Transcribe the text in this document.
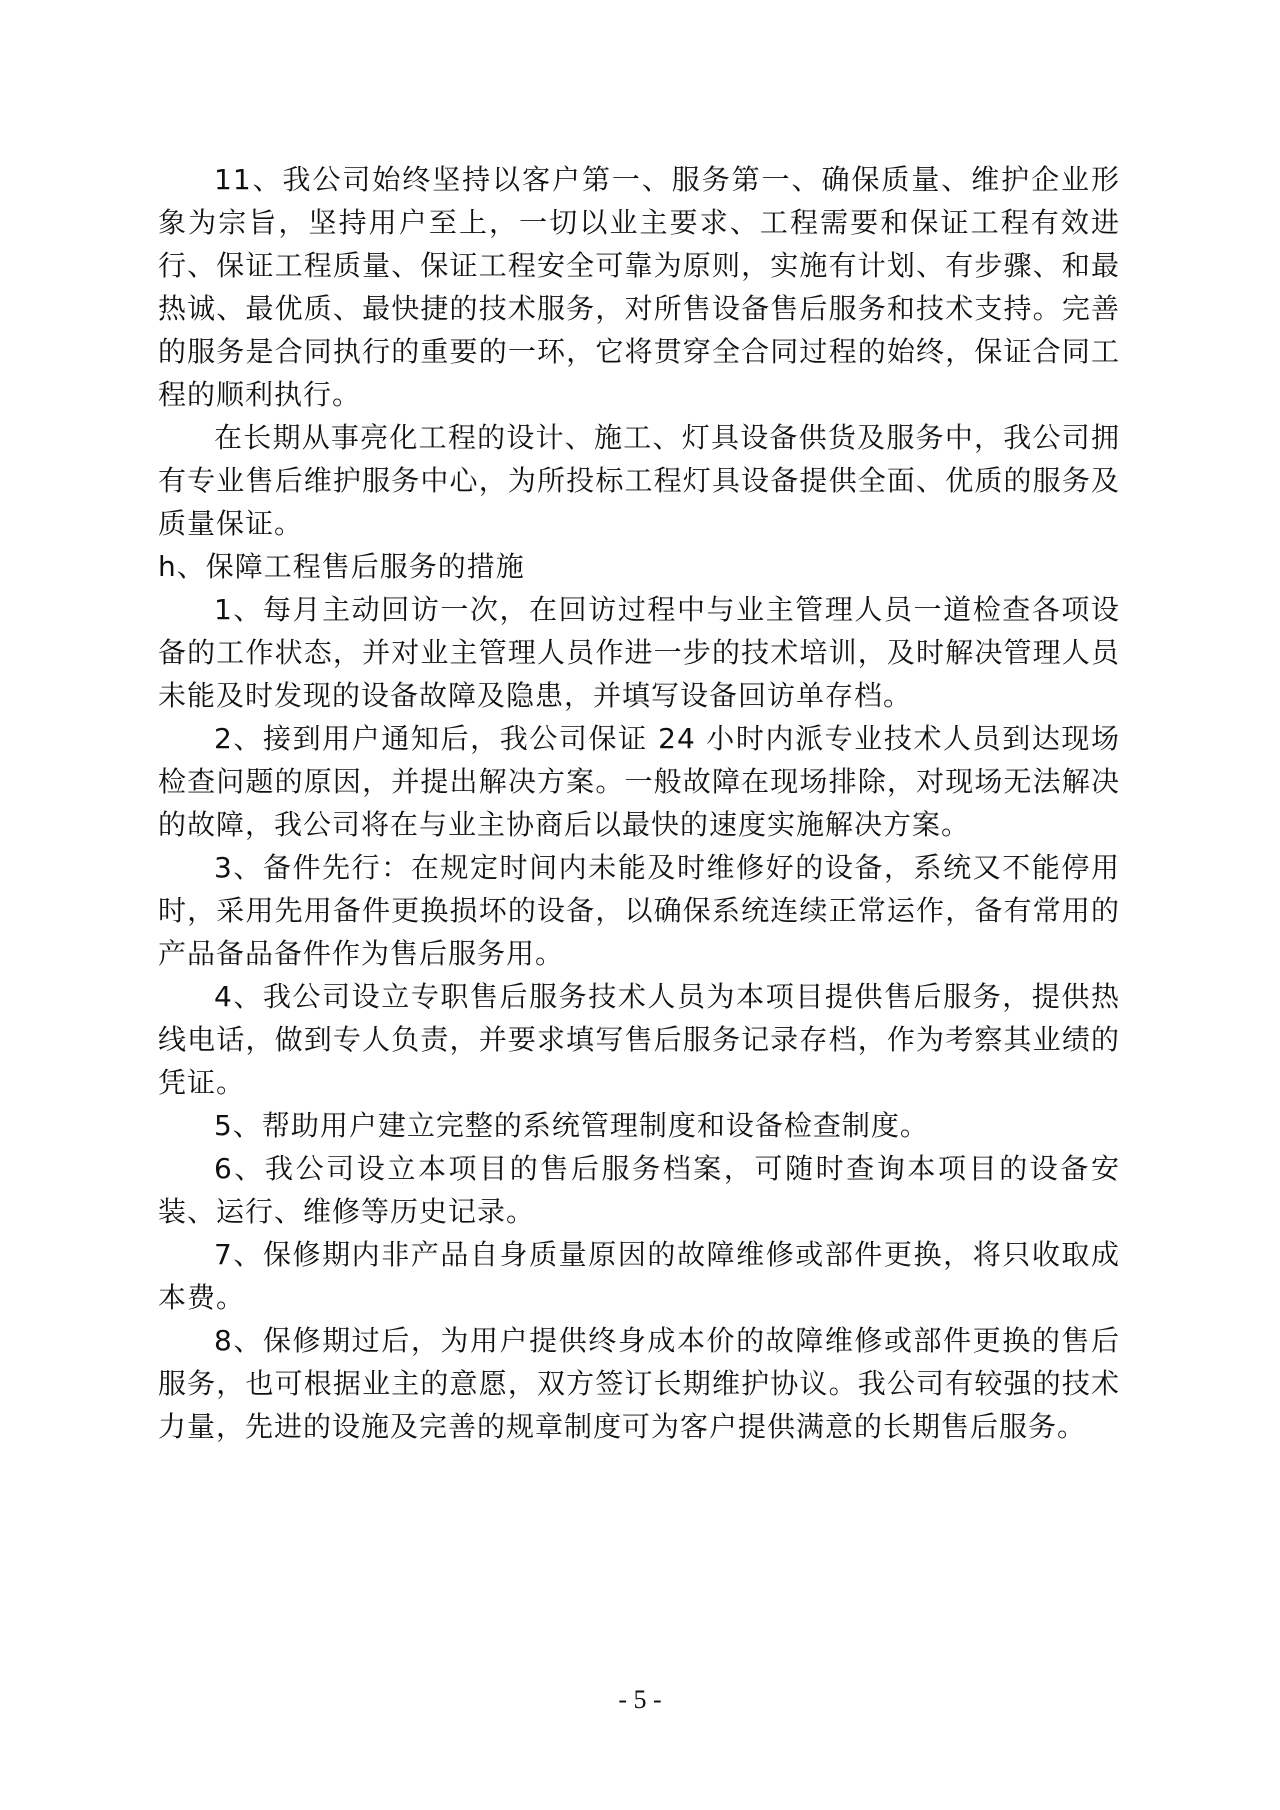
11、我公司始终坚持以客户第一、服务第一、确保质量、维护企业形象为宗旨，坚持用户至上，一切以业主要求、工程需要和保证工程有效进行、保证工程质量、保证工程安全可靠为原则，实施有计划、有步骤、和最热诚、最优质、最快捷的技术服务，对所售设备售后服务和技术支持。完善的服务是合同执行的重要的一环，它将贯穿全合同过程的始终，保证合同工程的顺利执行。

在长期从事亮化工程的设计、施工、灯具设备供货及服务中，我公司拥有专业售后维护服务中心，为所投标工程灯具设备提供全面、优质的服务及质量保证。

h、保障工程售后服务的措施

1、每月主动回访一次，在回访过程中与业主管理人员一道检查各项设备的工作状态，并对业主管理人员作进一步的技术培训，及时解决管理人员未能及时发现的设备故障及隐患，并填写设备回访单存档。

2、接到用户通知后，我公司保证 24 小时内派专业技术人员到达现场检查问题的原因，并提出解决方案。一般故障在现场排除，对现场无法解决的故障，我公司将在与业主协商后以最快的速度实施解决方案。

3、备件先行：在规定时间内未能及时维修好的设备，系统又不能停用时，采用先用备件更换损坏的设备，以确保系统连续正常运作，备有常用的产品备品备件作为售后服务用。

4、我公司设立专职售后服务技术人员为本项目提供售后服务，提供热线电话，做到专人负责，并要求填写售后服务记录存档，作为考察其业绩的凭证。

5、帮助用户建立完整的系统管理制度和设备检查制度。

6、我公司设立本项目的售后服务档案，可随时查询本项目的设备安装、运行、维修等历史记录。

7、保修期内非产品自身质量原因的故障维修或部件更换，将只收取成本费。

8、保修期过后，为用户提供终身成本价的故障维修或部件更换的售后服务，也可根据业主的意愿，双方签订长期维护协议。我公司有较强的技术力量，先进的设施及完善的规章制度可为客户提供满意的长期售后服务。

- 5 -
